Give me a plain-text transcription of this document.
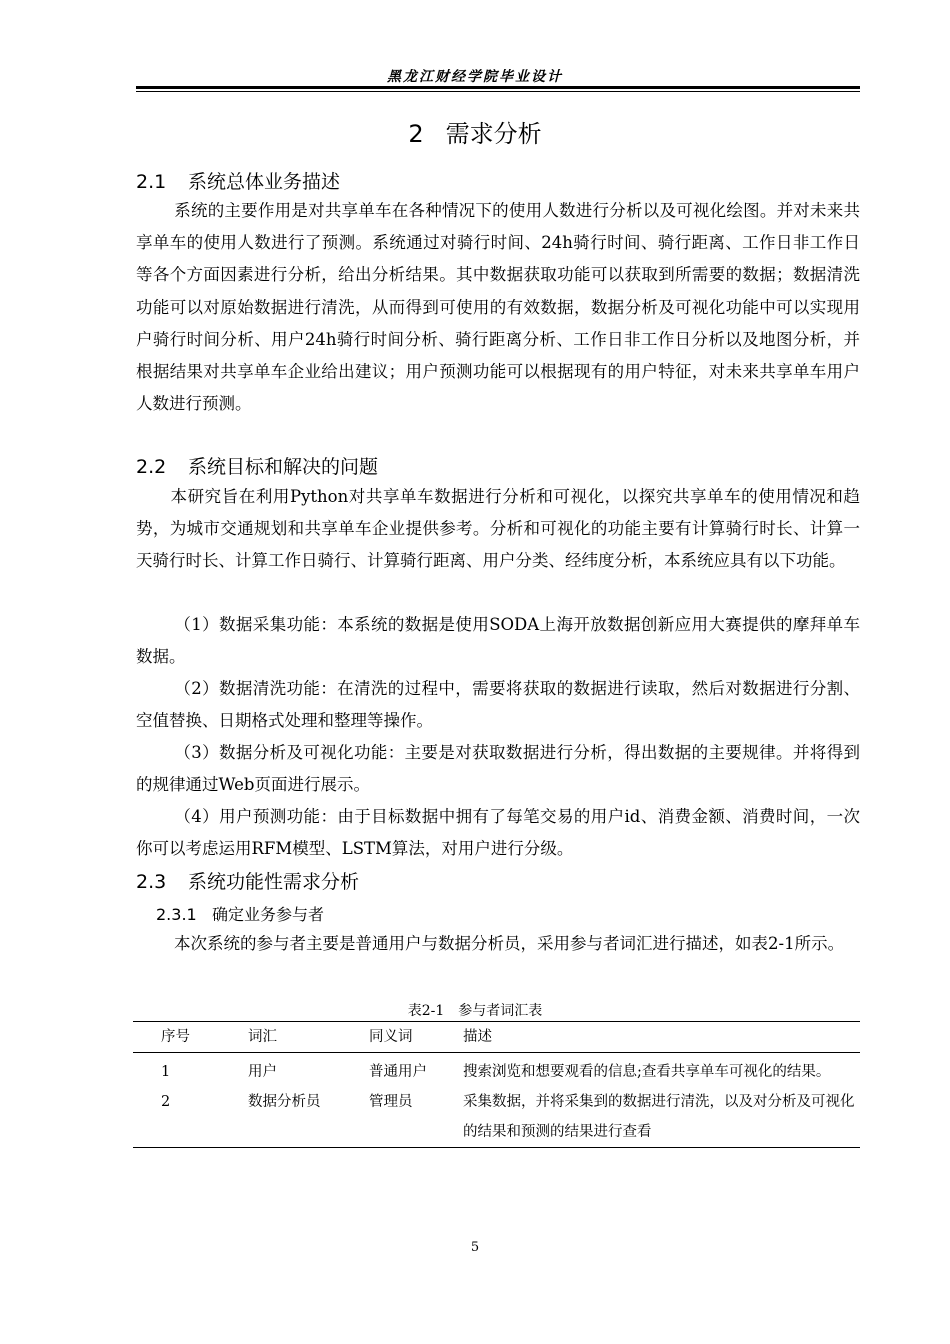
黑龙江财经学院毕业设计
2 需求分析
2.1 系统总体业务描述
系统的主要作用是对共享单车在各种情况下的使用人数进行分析以及可视化绘图。并对未来共享单车的使用人数进行了预测。系统通过对骑行时间、24h骑行时间、骑行距离、工作日非工作日等各个方面因素进行分析，给出分析结果。其中数据获取功能可以获取到所需要的数据；数据清洗功能可以对原始数据进行清洗，从而得到可使用的有效数据，数据分析及可视化功能中可以实现用户骑行时间分析、用户24h骑行时间分析、骑行距离分析、工作日非工作日分析以及地图分析，并根据结果对共享单车企业给出建议；用户预测功能可以根据现有的用户特征，对未来共享单车用户人数进行预测。
2.2 系统目标和解决的问题
本研究旨在利用Python对共享单车数据进行分析和可视化，以探究共享单车的使用情况和趋势，为城市交通规划和共享单车企业提供参考。分析和可视化的功能主要有计算骑行时长、计算一天骑行时长、计算工作日骑行、计算骑行距离、用户分类、经纬度分析，本系统应具有以下功能。
（1）数据采集功能：本系统的数据是使用SODA上海开放数据创新应用大赛提供的摩拜单车数据。
（2）数据清洗功能：在清洗的过程中，需要将获取的数据进行读取，然后对数据进行分割、空值替换、日期格式处理和整理等操作。
（3）数据分析及可视化功能：主要是对获取数据进行分析，得出数据的主要规律。并将得到的规律通过Web页面进行展示。
（4）用户预测功能：由于目标数据中拥有了每笔交易的用户id、消费金额、消费时间，一次你可以考虑运用RFM模型、LSTM算法，对用户进行分级。
2.3 系统功能性需求分析
2.3.1 确定业务参与者
本次系统的参与者主要是普通用户与数据分析员，采用参与者词汇进行描述，如表2-1所示。
表2-1　参与者词汇表
序号	词汇	同义词	描述
1	用户	普通用户	搜索浏览和想要观看的信息;查看共享单车可视化的结果。
2	数据分析员	管理员	采集数据，并将采集到的数据进行清洗，以及对分析及可视化的结果和预测的结果进行查看
5
